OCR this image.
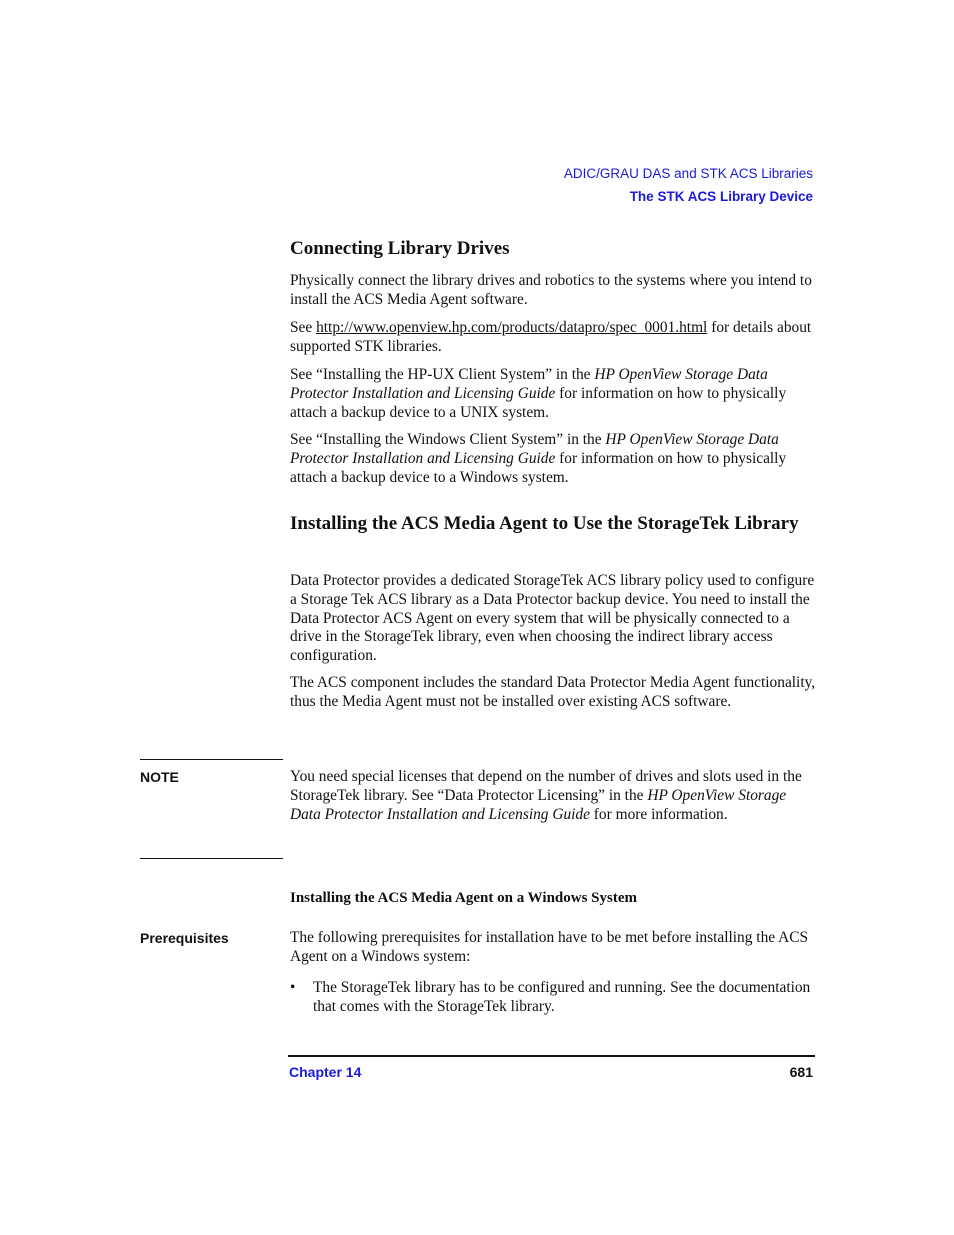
ADIC/GRAU DAS and STK ACS Libraries
The STK ACS Library Device
Connecting Library Drives

Physically connect the library drives and robotics to the systems where you intend to install the ACS Media Agent software.

See http://www.openview.hp.com/products/datapro/spec_0001.html for details about supported STK libraries.

See “Installing the HP-UX Client System” in the HP OpenView Storage Data Protector Installation and Licensing Guide for information on how to physically attach a backup device to a UNIX system.

See “Installing the Windows Client System” in the HP OpenView Storage Data Protector Installation and Licensing Guide for information on how to physically attach a backup device to a Windows system.

Installing the ACS Media Agent to Use the StorageTek Library

Data Protector provides a dedicated StorageTek ACS library policy used to configure a Storage Tek ACS library as a Data Protector backup device. You need to install the Data Protector ACS Agent on every system that will be physically connected to a drive in the StorageTek library, even when choosing the indirect library access configuration.

The ACS component includes the standard Data Protector Media Agent functionality, thus the Media Agent must not be installed over existing ACS software.

NOTE	You need special licenses that depend on the number of drives and slots used in the StorageTek library. See “Data Protector Licensing” in the HP OpenView Storage Data Protector Installation and Licensing Guide for more information.

Installing the ACS Media Agent on a Windows System
Prerequisites	The following prerequisites for installation have to be met before installing the ACS Agent on a Windows system:

• The StorageTek library has to be configured and running. See the documentation that comes with the StorageTek library.

Chapter 14	681
